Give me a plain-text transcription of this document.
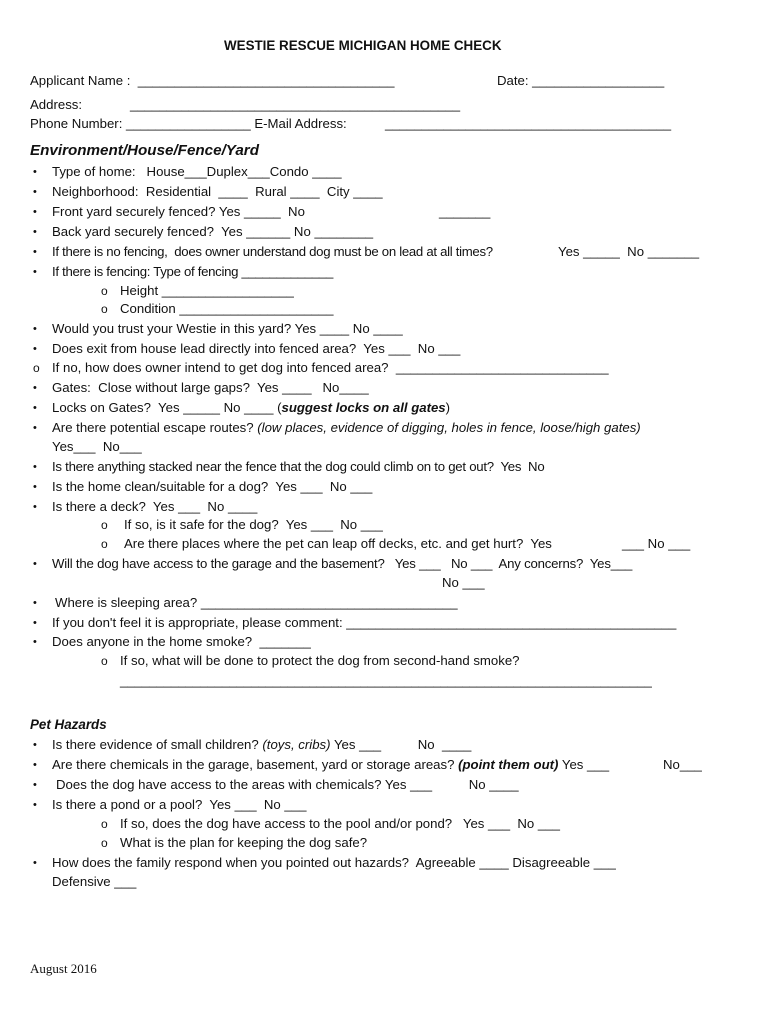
WESTIE RESCUE MICHIGAN HOME CHECK
Applicant Name :  ___________________________________	Date: __________________
Address:	_____________________________________________
Phone Number: _________________ E-Mail Address:	_______________________________________
Environment/House/Fence/Yard
• Type of home:   House___Duplex___Condo ____
• Neighborhood:  Residential  ____  Rural ____  City ____
• Front yard securely fenced? Yes _____  No	_______
• Back yard securely fenced?  Yes ______ No ________
• If there is no fencing,  does owner understand dog must be on lead at all times?	Yes _____  No _______
• If there is fencing: Type of fencing _____________
o Height __________________
o Condition _____________________
• Would you trust your Westie in this yard? Yes ____ No ____
• Does exit from house lead directly into fenced area?  Yes ___  No ___
o If no, how does owner intend to get dog into fenced area?  _____________________________
• Gates:  Close without large gaps?  Yes ____   No____
• Locks on Gates?  Yes _____ No ____ (suggest locks on all gates)
• Are there potential escape routes? (low places, evidence of digging, holes in fence, loose/high gates)
Yes___  No___
• Is there anything stacked near the fence that the dog could climb on to get out?  Yes  No
• Is the home clean/suitable for a dog?  Yes ___  No ___
• Is there a deck?  Yes ___  No ____
o If so, is it safe for the dog?  Yes ___  No ___
o Are there places where the pet can leap off decks, etc. and get hurt?  Yes	___ No ___
• Will the dog have access to the garage and the basement?   Yes ___   No ___  Any concerns?  Yes___
No ___
• Where is sleeping area? ___________________________________
• If you don't feel it is appropriate, please comment: _____________________________________________
• Does anyone in the home smoke?  _______
o If so, what will be done to protect the dog from second-hand smoke?
_________________________________________________________________________
Pet Hazards
• Is there evidence of small children? (toys, cribs) Yes ___          No  ____
• Are there chemicals in the garage, basement, yard or storage areas? (point them out) Yes ___	No___
• Does the dog have access to the areas with chemicals? Yes ___          No ____
• Is there a pond or a pool?  Yes ___  No ___
o If so, does the dog have access to the pool and/or pond?   Yes ___  No ___
o What is the plan for keeping the dog safe?
• How does the family respond when you pointed out hazards?  Agreeable ____ Disagreeable ___
Defensive ___
August 2016
